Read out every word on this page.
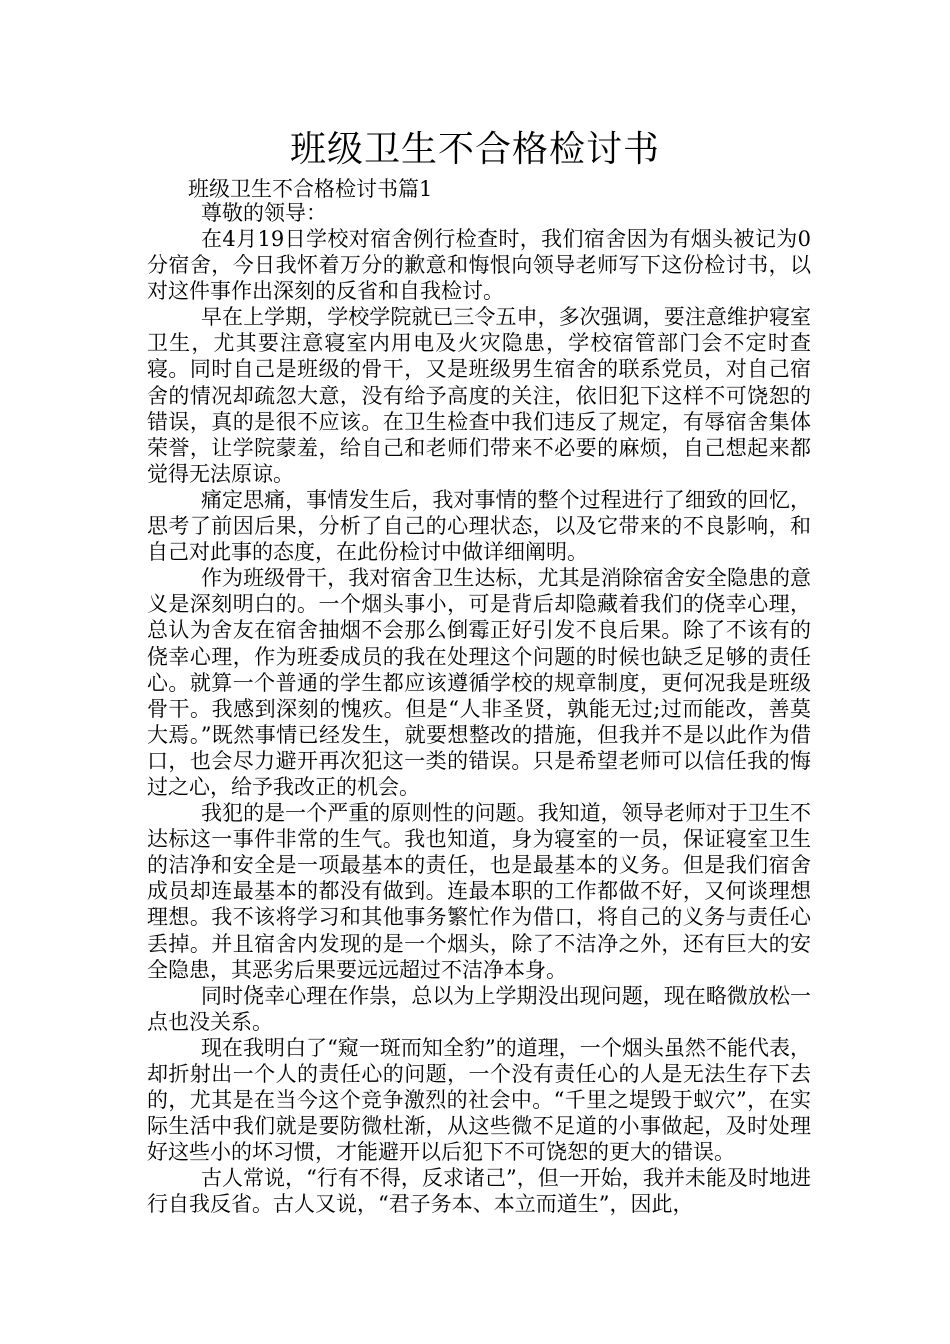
班级卫生不合格检讨书
班级卫生不合格检讨书篇1
尊敬的领导：

在4月19日学校对宿舍例行检查时，我们宿舍因为有烟头被记为0分宿舍，今日我怀着万分的歉意和悔恨向领导老师写下这份检讨书，以对这件事作出深刻的反省和自我检讨。

早在上学期，学校学院就已三令五申，多次强调，要注意维护寝室卫生，尤其要注意寝室内用电及火灾隐患，学校宿管部门会不定时查寝。同时自己是班级的骨干，又是班级男生宿舍的联系党员，对自己宿舍的情况却疏忽大意，没有给予高度的关注，依旧犯下这样不可饶恕的错误，真的是很不应该。在卫生检查中我们违反了规定，有辱宿舍集体荣誉，让学院蒙羞，给自己和老师们带来不必要的麻烦，自己想起来都觉得无法原谅。

痛定思痛，事情发生后，我对事情的整个过程进行了细致的回忆，思考了前因后果，分析了自己的心理状态，以及它带来的不良影响，和自己对此事的态度，在此份检讨中做详细阐明。

作为班级骨干，我对宿舍卫生达标，尤其是消除宿舍安全隐患的意义是深刻明白的。一个烟头事小，可是背后却隐藏着我们的侥幸心理，总认为舍友在宿舍抽烟不会那么倒霉正好引发不良后果。除了不该有的侥幸心理，作为班委成员的我在处理这个问题的时候也缺乏足够的责任心。就算一个普通的学生都应该遵循学校的规章制度，更何况我是班级骨干。我感到深刻的愧疚。但是“人非圣贤，孰能无过;过而能改，善莫大焉。”既然事情已经发生，就要想整改的措施，但我并不是以此作为借口，也会尽力避开再次犯这一类的错误。只是希望老师可以信任我的悔过之心，给予我改正的机会。

我犯的是一个严重的原则性的问题。我知道，领导老师对于卫生不达标这一事件非常的生气。我也知道，身为寝室的一员，保证寝室卫生的洁净和安全是一项最基本的责任，也是最基本的义务。但是我们宿舍成员却连最基本的都没有做到。连最本职的工作都做不好，又何谈理想理想。我不该将学习和其他事务繁忙作为借口，将自己的义务与责任心丢掉。并且宿舍内发现的是一个烟头，除了不洁净之外，还有巨大的安全隐患，其恶劣后果要远远超过不洁净本身。

同时侥幸心理在作祟，总以为上学期没出现问题，现在略微放松一点也没关系。

现在我明白了“窥一斑而知全豹”的道理，一个烟头虽然不能代表，却折射出一个人的责任心的问题，一个没有责任心的人是无法生存下去的，尤其是在当今这个竞争激烈的社会中。“千里之堤毁于蚁穴”，在实际生活中我们就是要防微杜渐，从这些微不足道的小事做起，及时处理好这些小的坏习惯，才能避开以后犯下不可饶恕的更大的错误。

古人常说，“行有不得，反求诸己”，但一开始，我并未能及时地进行自我反省。古人又说，“君子务本、本立而道生”，因此，
